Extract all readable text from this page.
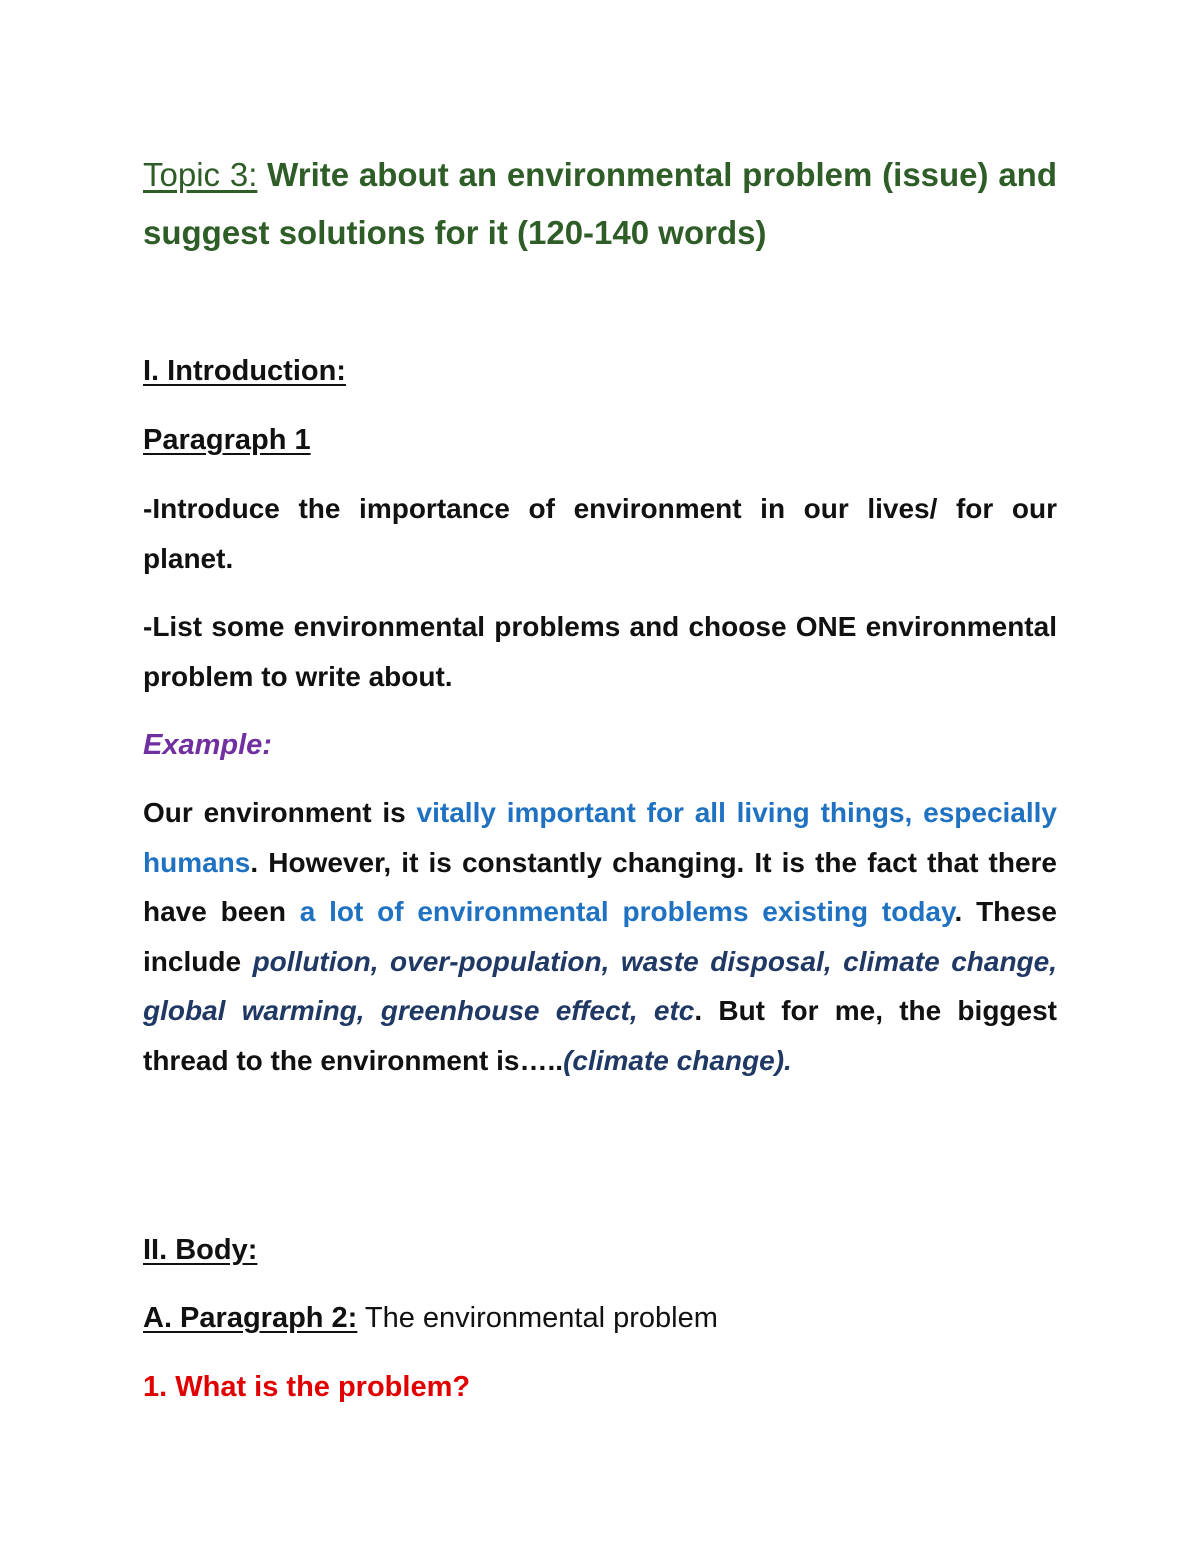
Topic 3: Write about an environmental problem (issue) and suggest solutions for it (120-140 words)
I. Introduction:
Paragraph 1
-Introduce the importance of environment in our lives/ for our planet.
-List some environmental problems and choose ONE environmental problem to write about.
Example:
Our environment is vitally important for all living things, especially humans. However, it is constantly changing. It is the fact that there have been a lot of environmental problems existing today. These include pollution, over-population, waste disposal, climate change, global warming, greenhouse effect, etc. But for me, the biggest thread to the environment is…..(climate change).
II. Body:
A. Paragraph 2: The environmental problem
1. What is the problem?
